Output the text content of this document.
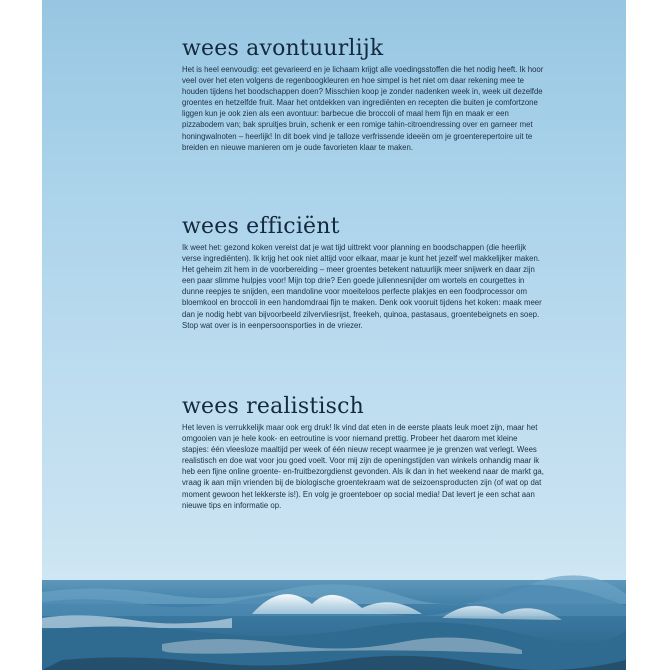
wees avontuurlijk

Het is heel eenvoudig: eet gevarieerd en je lichaam krijgt alle voedingsstoffen die het nodig heeft. Ik hoor veel over het eten volgens de regenboogkleuren en hoe simpel is het niet om daar rekening mee te houden tijdens het boodschappen doen? Misschien koop je zonder nadenken week in, week uit dezelfde groentes en hetzelfde fruit. Maar het ontdekken van ingrediënten en recepten die buiten je comfortzone liggen kun je ook zien als een avontuur: barbecue die broccoli of maal hem fijn en maak er een pizzabodem van; bak spruitjes bruin, schenk er een romige tahin-citroendressing over en garneer met honingwalnoten – heerlijk! In dit boek vind je talloze verfrissende ideeën om je groenterepertoire uit te breiden en nieuwe manieren om je oude favorieten klaar te maken.

wees efficiënt

Ik weet het: gezond koken vereist dat je wat tijd uittrekt voor planning en boodschappen (die heerlijk verse ingrediënten). Ik krijg het ook niet altijd voor elkaar, maar je kunt het jezelf wel makkelijker maken. Het geheim zit hem in de voorbereiding – meer groentes betekent natuurlijk meer snijwerk en daar zijn een paar slimme hulpjes voor! Mijn top drie? Een goede juliennesnijder om wortels en courgettes in dunne reepjes te snijden, een mandoline voor moeiteloos perfecte plakjes en een foodprocessor om bloemkool en broccoli in een handomdraai fijn te maken. Denk ook vooruit tijdens het koken: maak meer dan je nodig hebt van bijvoorbeeld zilvervliesrijst, freekeh, quinoa, pastasaus, groentebeignets en soep. Stop wat over is in eenpersoonsporties in de vriezer.

wees realistisch

Het leven is verrukkelijk maar ook erg druk! Ik vind dat eten in de eerste plaats leuk moet zijn, maar het omgooien van je hele kook- en eetroutine is voor niemand prettig. Probeer het daarom met kleine stapjes: één vleesloze maaltijd per week of één nieuw recept waarmee je je grenzen wat verlegt. Wees realistisch en doe wat voor jou goed voelt. Voor mij zijn de openingstijden van winkels onhandig maar ik heb een fijne online groente- en-fruitbezorgdienst gevonden. Als ik dan in het weekend naar de markt ga, vraag ik aan mijn vrienden bij de biologische groentekraam wat de seizoensproducten zijn (of wat op dat moment gewoon het lekkerste is!). En volg je groenteboer op social media! Dat levert je een schat aan nieuwe tips en informatie op.
